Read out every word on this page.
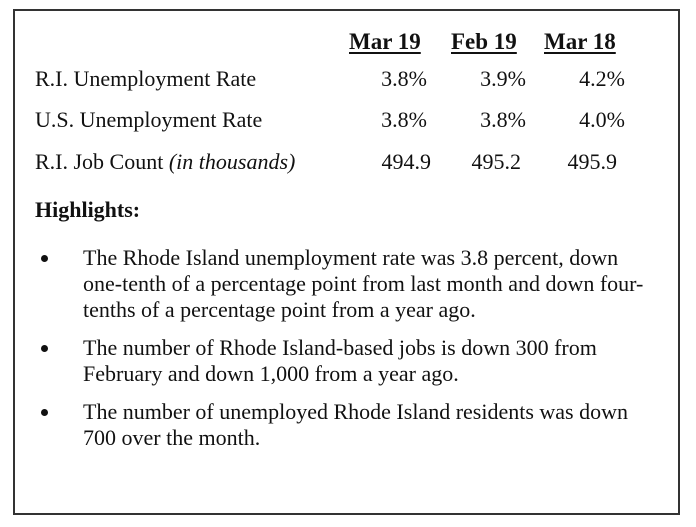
Mar 19 Feb 19 Mar 18
R.I. Unemployment Rate	3.8%	3.9%	4.2%
U.S. Unemployment Rate	3.8%	3.8%	4.0%
R.I. Job Count (in thousands)	494.9	495.2	495.9
Highlights:
The Rhode Island unemployment rate was 3.8 percent, down one-tenth of a percentage point from last month and down four-tenths of a percentage point from a year ago.
The number of Rhode Island-based jobs is down 300 from February and down 1,000 from a year ago.
The number of unemployed Rhode Island residents was down 700 over the month.
